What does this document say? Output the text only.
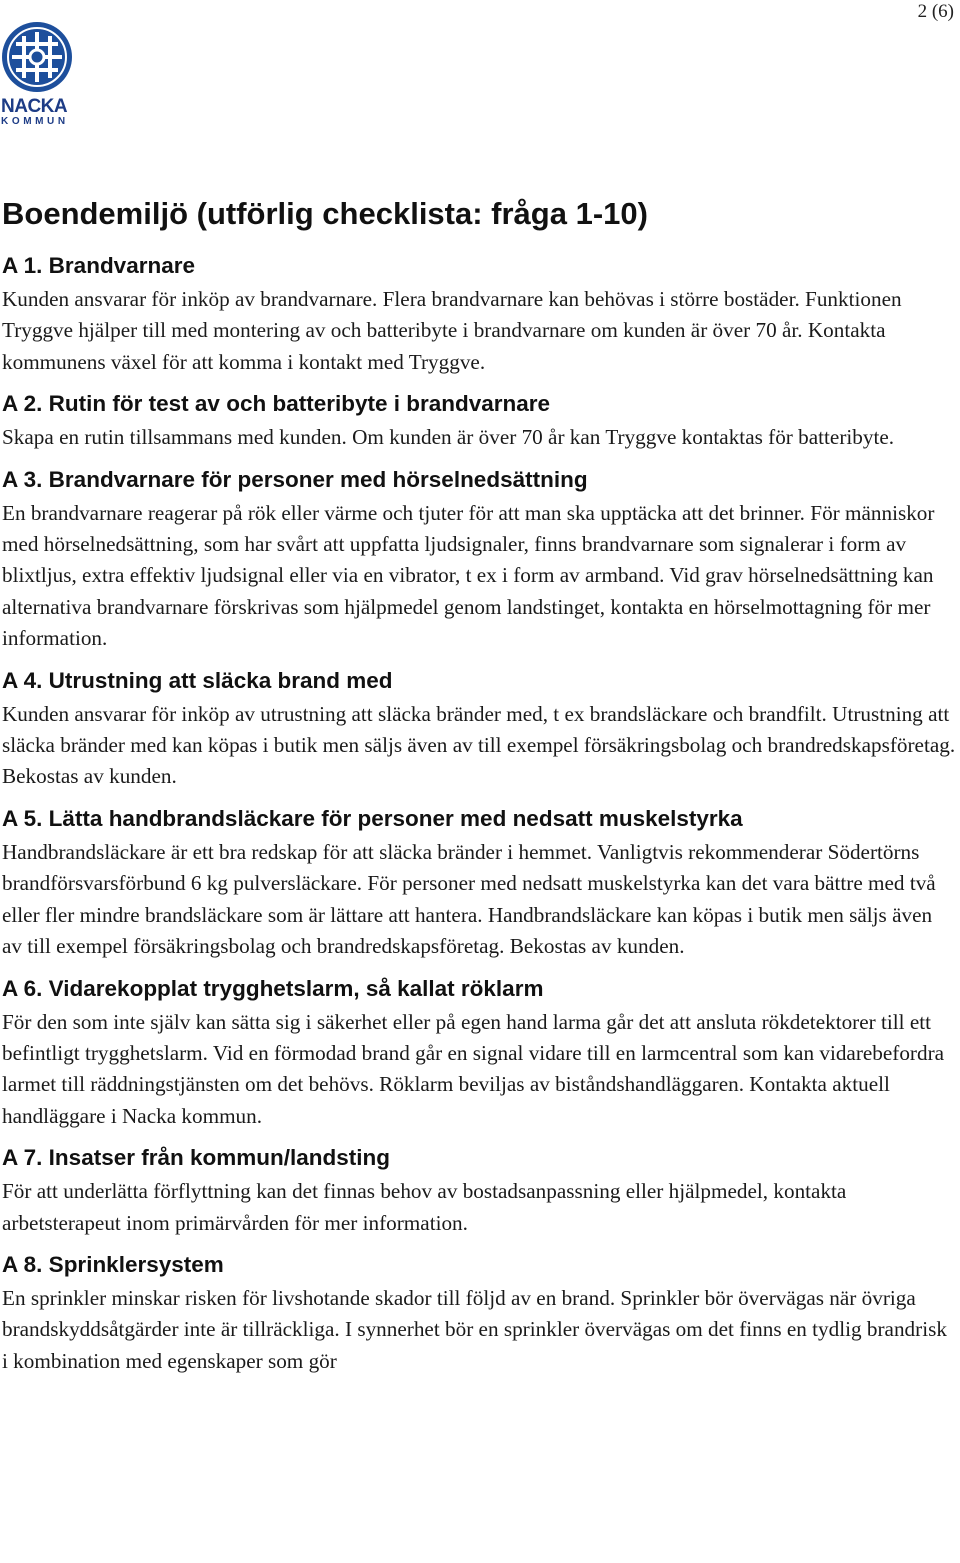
2 (6)
NACKA
KOMMUN
Boendemiljö (utförlig checklista: fråga 1-10)
A 1. Brandvarnare

Kunden ansvarar för inköp av brandvarnare. Flera brandvarnare kan behövas i större bostäder. Funktionen Tryggve hjälper till med montering av och batteribyte i brandvarnare om kunden är över 70 år. Kontakta kommunens växel för att komma i kontakt med Tryggve.

A 2. Rutin för test av och batteribyte i brandvarnare

Skapa en rutin tillsammans med kunden. Om kunden är över 70 år kan Tryggve kontaktas för batteribyte.

A 3. Brandvarnare för personer med hörselnedsättning

En brandvarnare reagerar på rök eller värme och tjuter för att man ska upptäcka att det brinner. För människor med hörselnedsättning, som har svårt att uppfatta ljudsignaler, finns brandvarnare som signalerar i form av blixtljus, extra effektiv ljudsignal eller via en vibrator, t ex i form av armband. Vid grav hörselnedsättning kan alternativa brandvarnare förskrivas som hjälpmedel genom landstinget, kontakta en hörselmottagning för mer information.

A 4. Utrustning att släcka brand med

Kunden ansvarar för inköp av utrustning att släcka bränder med, t ex brandsläckare och brandfilt. Utrustning att släcka bränder med kan köpas i butik men säljs även av till exempel försäkringsbolag och brandredskapsföretag. Bekostas av kunden.

A 5. Lätta handbrandsläckare för personer med nedsatt muskelstyrka

Handbrandsläckare är ett bra redskap för att släcka bränder i hemmet. Vanligtvis rekommenderar Södertörns brandförsvarsförbund 6 kg pulversläckare. För personer med nedsatt muskelstyrka kan det vara bättre med två eller fler mindre brandsläckare som är lättare att hantera. Handbrandsläckare kan köpas i butik men säljs även av till exempel försäkringsbolag och brandredskapsföretag. Bekostas av kunden.

A 6. Vidarekopplat trygghetslarm, så kallat röklarm

För den som inte själv kan sätta sig i säkerhet eller på egen hand larma går det att ansluta rökdetektorer till ett befintligt trygghetslarm. Vid en förmodad brand går en signal vidare till en larmcentral som kan vidarebefordra larmet till räddningstjänsten om det behövs. Röklarm beviljas av biståndshandläggaren. Kontakta aktuell handläggare i Nacka kommun.

A 7. Insatser från kommun/landsting

För att underlätta förflyttning kan det finnas behov av bostadsanpassning eller hjälpmedel, kontakta arbetsterapeut inom primärvården för mer information.

A 8. Sprinklersystem

En sprinkler minskar risken för livshotande skador till följd av en brand. Sprinkler bör övervägas när övriga brandskyddsåtgärder inte är tillräckliga. I synnerhet bör en sprinkler övervägas om det finns en tydlig brandrisk i kombination med egenskaper som gör
